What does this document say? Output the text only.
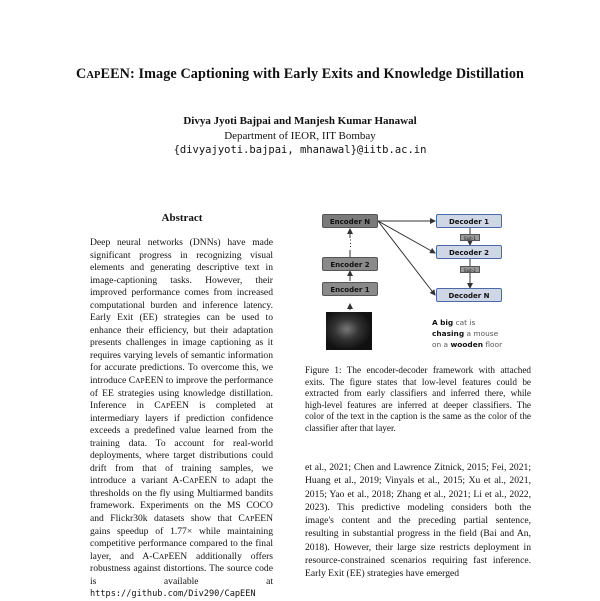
CAPEEN: Image Captioning with Early Exits and Knowledge Distillation
Divya Jyoti Bajpai and Manjesh Kumar Hanawal
Department of IEOR, IIT Bombay
{divyajyoti.bajpai, mhanawal}@iitb.ac.in
Abstract
Deep neural networks (DNNs) have made significant progress in recognizing visual elements and generating descriptive text in image-captioning tasks. However, their improved performance comes from increased computational burden and inference latency. Early Exit (EE) strategies can be used to enhance their efficiency, but their adaptation presents challenges in image captioning as it requires varying levels of semantic information for accurate predictions. To overcome this, we introduce CAPEEN to improve the performance of EE strategies using knowledge distillation. Inference in CAPEEN is completed at intermediary layers if prediction confidence exceeds a predefined value learned from the training data. To account for real-world deployments, where target distributions could drift from that of training samples, we introduce a variant A-CAPEEN to adapt the thresholds on the fly using Multiarmed bandits framework. Experiments on the MS COCO and Flickr30k datasets show that CAPEEN gains speedup of 1.77× while maintaining competitive performance compared to the final layer, and A-CAPEEN additionally offers robustness against distortions. The source code is available at https://github.com/Div290/CapEEN
Encoder N
Encoder 2
Encoder 1
⋮
Decoder 1
Exit-1
Decoder 2
Exit-2
Decoder N
A big cat is
chasing a mouse
on a wooden floor
Figure 1: The encoder-decoder framework with attached exits. The figure states that low-level features could be extracted from early classifiers and inferred there, while high-level features are inferred at deeper classifiers. The color of the text in the caption is the same as the color of the classifier after that layer.
et al., 2021; Chen and Lawrence Zitnick, 2015; Fei, 2021; Huang et al., 2019; Vinyals et al., 2015; Xu et al., 2021, 2015; Yao et al., 2018; Zhang et al., 2021; Li et al., 2022, 2023). This predictive modeling considers both the image's content and the preceding partial sentence, resulting in substantial progress in the field (Bai and An, 2018). However, their large size restricts deployment in resource-constrained scenarios requiring fast inference. Early Exit (EE) strategies have emerged
